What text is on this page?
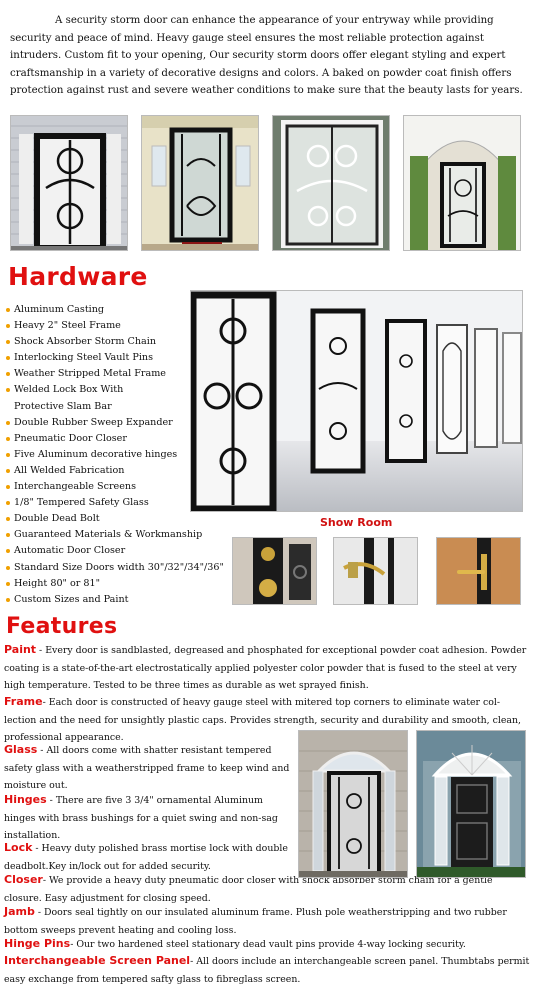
A security storm door can enhance the appearance of your entryway while providing security and peace of mind. Heavy gauge steel ensures the most reliable protection against intruders. Custom fit to your opening, Our security storm doors offer elegant styling and expert craftsmanship in a variety of decorative designs and colors. A baked on powder coat finish offers protection against rust and severe weather conditions to make sure that the beauty lasts for years.

Hardware
Aluminum Casting
Heavy 2" Steel Frame
Shock Absorber Storm Chain
Interlocking Steel Vault Pins
Weather Stripped Metal Frame
Welded Lock Box With
Protective Slam Bar
Double Rubber Sweep Expander
Pneumatic Door Closer
Five Aluminum decorative hinges
All Welded Fabrication
Interchangeable Screens
1/8" Tempered Safety Glass
Double Dead Bolt
Guaranteed Materials & Workmanship
Automatic Door Closer
Standard Size Doors width 30"/32"/34"/36"
Height 80" or 81"
Custom Sizes and Paint
Show Room
Features
Paint - Every door is sandblasted, degreased and phosphated for exceptional powder coat adhesion. Powder coating is a state-of-the-art electrostatically applied polyester color powder that is fused to the steel at very high temperature. Tested to be three times as durable as wet sprayed finish.
Frame- Each door is constructed of heavy gauge steel with mitered top corners to eliminate water col-lection and the need for unsightly plastic caps. Provides strength, security and durability and smooth, clean, professional appearance.
Glass - All doors come with shatter resistant tempered safety glass with a weatherstripped frame to keep wind and moisture out.
Hinges - There are five 3 3/4" ornamental Aluminum hinges with brass bushings for a quiet swing and non-sag installation.
Lock - Heavy duty polished brass mortise lock with double deadbolt.Key in/lock out for added security.
Closer- We provide a heavy duty pneumatic door closer with shock absorber storm chain for a gentle closure. Easy adjustment for closing speed.
Jamb - Doors seal tightly on our insulated aluminum frame. Plush pole weatherstripping and two rubber bottom sweeps prevent heating and cooling loss.
Hinge Pins- Our two hardened steel stationary dead vault pins provide 4-way locking security.
Interchangeable Screen Panel- All doors include an interchangeable screen panel. Thumbtabs permit easy exchange from tempered safty glass to fibreglass screen.
